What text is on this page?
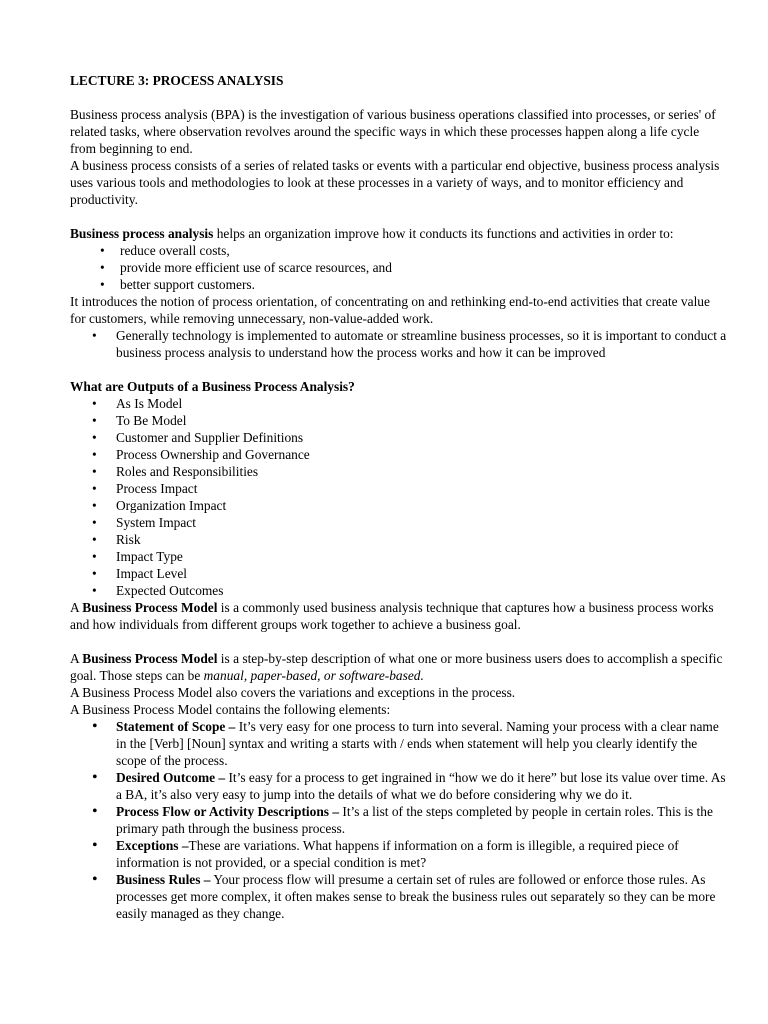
LECTURE 3: PROCESS ANALYSIS

Business process analysis (BPA) is the investigation of various business operations classified into processes, or series' of related tasks, where observation revolves around the specific ways in which these processes happen along a life cycle from beginning to end.

A business process consists of a series of related tasks or events with a particular end objective, business process analysis uses various tools and methodologies to look at these processes in a variety of ways, and to monitor efficiency and productivity.

Business process analysis helps an organization improve how it conducts its functions and activities in order to:

• reduce overall costs,
• provide more efficient use of scarce resources, and
• better support customers.

It introduces the notion of process orientation, of concentrating on and rethinking end-to-end activities that create value for customers, while removing unnecessary, non-value-added work.

• Generally technology is implemented to automate or streamline business processes, so it is important to conduct a business process analysis to understand how the process works and how it can be improved

What are Outputs of a Business Process Analysis?

• As Is Model
• To Be Model
• Customer and Supplier Definitions
• Process Ownership and Governance
• Roles and Responsibilities
• Process Impact
• Organization Impact
• System Impact
• Risk
• Impact Type
• Impact Level
• Expected Outcomes

A Business Process Model is a commonly used business analysis technique that captures how a business process works and how individuals from different groups work together to achieve a business goal.

A Business Process Model is a step-by-step description of what one or more business users does to accomplish a specific goal. Those steps can be manual, paper-based, or software-based.

A Business Process Model also covers the variations and exceptions in the process.

A Business Process Model contains the following elements:

• Statement of Scope – It’s very easy for one process to turn into several. Naming your process with a clear name in the [Verb] [Noun] syntax and writing a starts with / ends when statement will help you clearly identify the scope of the process.
• Desired Outcome – It’s easy for a process to get ingrained in “how we do it here” but lose its value over time. As a BA, it’s also very easy to jump into the details of what we do before considering why we do it.
• Process Flow or Activity Descriptions – It’s a list of the steps completed by people in certain roles. This is the primary path through the business process.
• Exceptions –These are variations. What happens if information on a form is illegible, a required piece of information is not provided, or a special condition is met?
• Business Rules – Your process flow will presume a certain set of rules are followed or enforce those rules. As processes get more complex, it often makes sense to break the business rules out separately so they can be more easily managed as they change.
